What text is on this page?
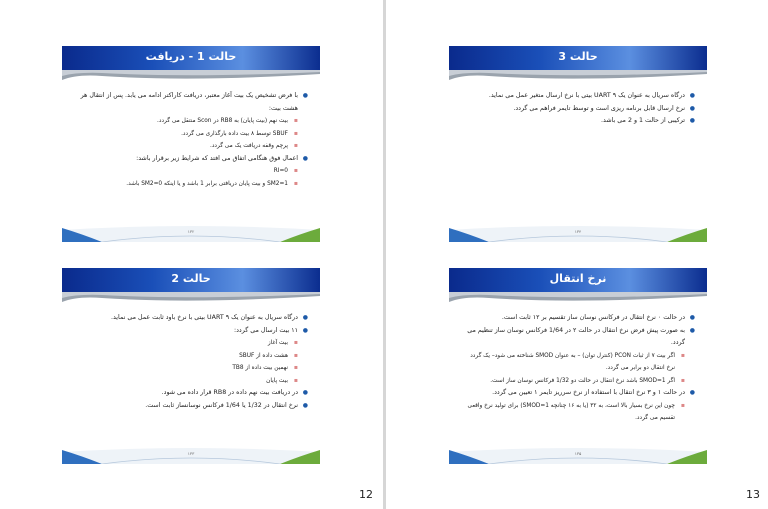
حالت 1 - دریافت
● با فرض تشخیص یک بیت آغاز معتبر، دریافت کاراکتر ادامه می یابد. پس از انتقال هر هشت بیت:
▪ بیت نهم (بیت پایان) به RB8 در Scon منتقل می گردد.
▪ SBUF توسط ۸ بیت داده بارگذاری می گردد.
▪ پرچم وقفه دریافت یک می گردد.
● اعمال فوق هنگامی اتفاق می افتد که شرایط زیر برقرار باشد:
▪ RI=0
▪ SM2=1 و بیت پایان دریافتی برابر 1 باشد و یا اینکه SM2=0 باشد.
۱۳۲
حالت 2
● درگاه سریال به عنوان یک UART ۹ بیتی با نرخ باود ثابت عمل می نماید.
● ۱۱ بیت ارسال می گردد:
▪ بیت آغاز
▪ هشت داده از SBUF
▪ نهمین بیت داده از TB8
▪ بیت پایان
● در دریافت بیت نهم داده در RB8 قرار داده می شود.
● نرخ انتقال در 1/32 یا 1/64 فرکانس نوسانساز ثابت است.
۱۳۳
12
حالت 3
● درگاه سریال به عنوان یک UART ۹ بیتی با نرخ ارسال متغیر عمل می نماید.
● نرخ ارسال قابل برنامه ریزی است و توسط تایمر فراهم می گردد.
● ترکیبی از حالت 1 و 2 می باشد.
۱۳۴
نرخ انتقال
● در حالت ۰ نرخ انتقال در فرکانس نوسان ساز تقسیم بر ۱۲ ثابت است.
● به صورت پیش فرض نرخ انتقال در حالت ۲ در 1/64 فرکانس نوسان ساز تنظیم می گردد.
▪ اگر بیت ۷ از ثبات PCON (کنترل توان) – به عنوان SMOD شناخته می شود– یک گردد نرخ انتقال دو برابر می گردد.
▪ اگر SMOD=1 باشد نرخ انتقال در حالت دو 1/32 فرکانس نوسان ساز است.
● در حالت ۱ و ۳ نرخ انتقال با استفاده از نرخ سرریز تایمر ۱ تعیین می گردد.
▪ چون این نرخ بسیار بالا است، به ۳۲ (یا به ۱۶ چنانچه SMOD=1) برای تولید نرخ واقعی تقسیم می گردد.
۱۳۵
13
